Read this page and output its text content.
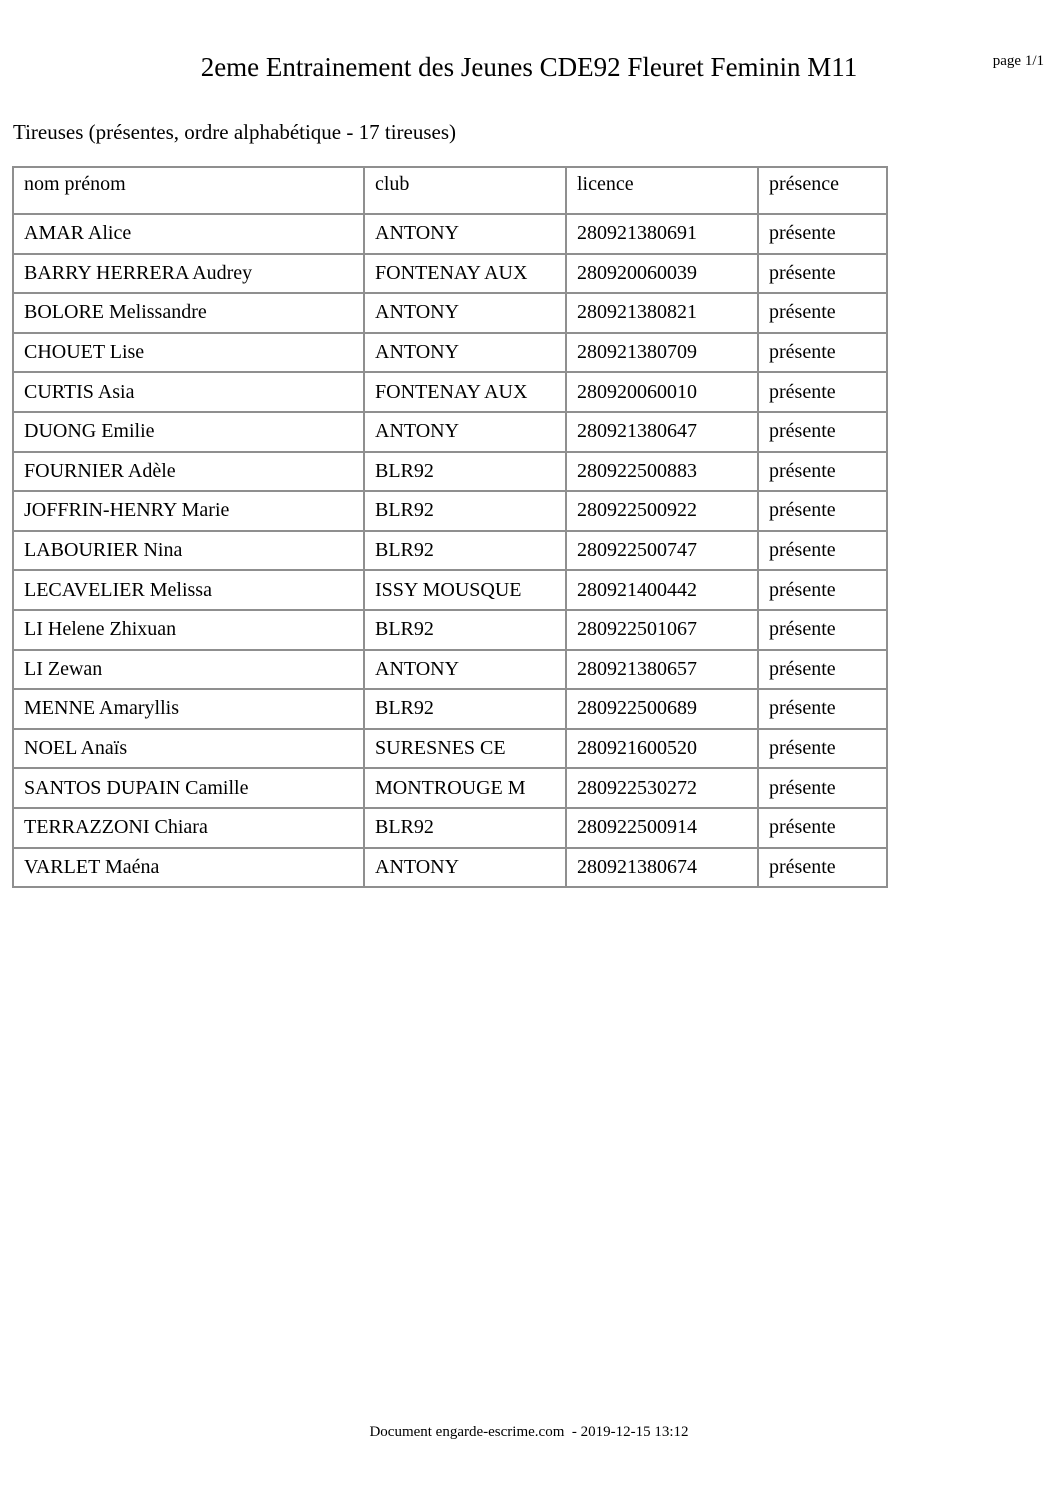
2eme Entrainement des Jeunes CDE92 Fleuret Feminin M11	page 1/1
Tireuses (présentes, ordre alphabétique - 17 tireuses)
nom prénom	club	licence	présence
AMAR Alice	ANTONY	280921380691	présente
BARRY HERRERA Audrey	FONTENAY AUX	280920060039	présente
BOLORE Melissandre	ANTONY	280921380821	présente
CHOUET Lise	ANTONY	280921380709	présente
CURTIS Asia	FONTENAY AUX	280920060010	présente
DUONG Emilie	ANTONY	280921380647	présente
FOURNIER Adèle	BLR92	280922500883	présente
JOFFRIN-HENRY Marie	BLR92	280922500922	présente
LABOURIER Nina	BLR92	280922500747	présente
LECAVELIER Melissa	ISSY MOUSQUE	280921400442	présente
LI Helene Zhixuan	BLR92	280922501067	présente
LI Zewan	ANTONY	280921380657	présente
MENNE Amaryllis	BLR92	280922500689	présente
NOEL Anaïs	SURESNES CE	280921600520	présente
SANTOS DUPAIN Camille	MONTROUGE M	280922530272	présente
TERRAZZONI Chiara	BLR92	280922500914	présente
VARLET Maéna	ANTONY	280921380674	présente
Document engarde-escrime.com  - 2019-12-15 13:12
